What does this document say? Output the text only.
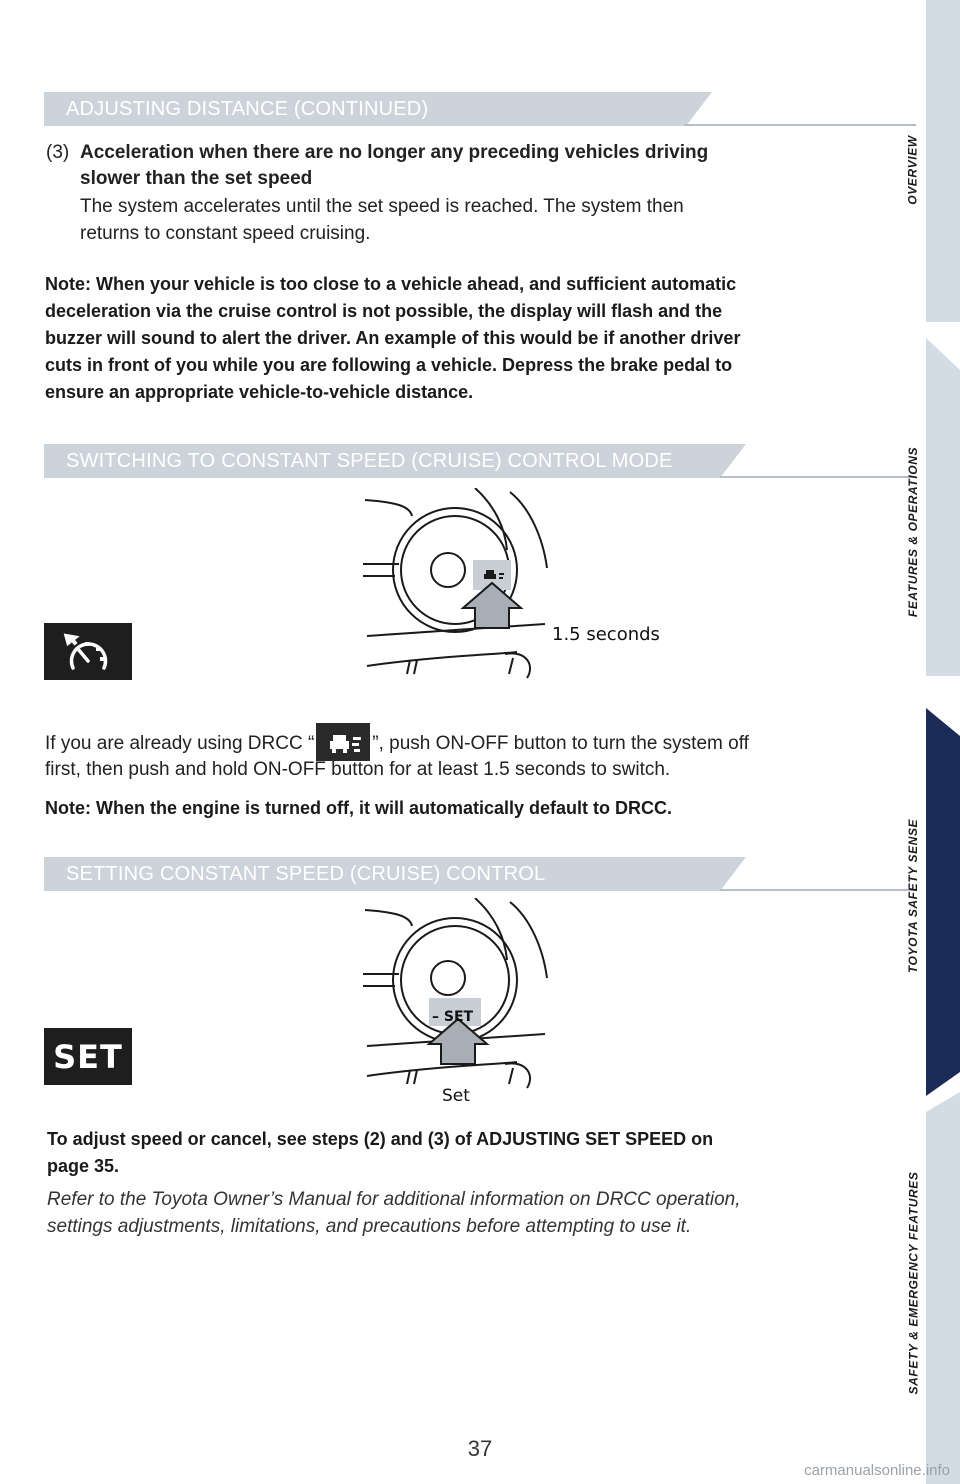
ADJUSTING DISTANCE (CONTINUED)
(3) Acceleration when there are no longer any preceding vehicles driving
slower than the set speed
The system accelerates until the set speed is reached. The system then
returns to constant speed cruising.
Note: When your vehicle is too close to a vehicle ahead, and sufficient automatic
deceleration via the cruise control is not possible, the display will flash and the
buzzer will sound to alert the driver. An example of this would be if another driver
cuts in front of you while you are following a vehicle. Depress the brake pedal to
ensure an appropriate vehicle-to-vehicle distance.
SWITCHING TO CONSTANT SPEED (CRUISE) CONTROL MODE
1.5 seconds
If you are already using DRCC “	”, push ON-OFF button to turn the system off
first, then push and hold ON-OFF button for at least 1.5 seconds to switch.
Note: When the engine is turned off, it will automatically default to DRCC.
SETTING CONSTANT SPEED (CRUISE) CONTROL
– SET
Set
SET
To adjust speed or cancel, see steps (2) and (3) of ADJUSTING SET SPEED on
page 35.
Refer to the Toyota Owner’s Manual for additional information on DRCC operation,
settings adjustments, limitations, and precautions before attempting to use it.
OVERVIEW
FEATURES & OPERATIONS
TOYOTA SAFETY SENSE
SAFETY & EMERGENCY FEATURES
37
carmanualsonline.info
